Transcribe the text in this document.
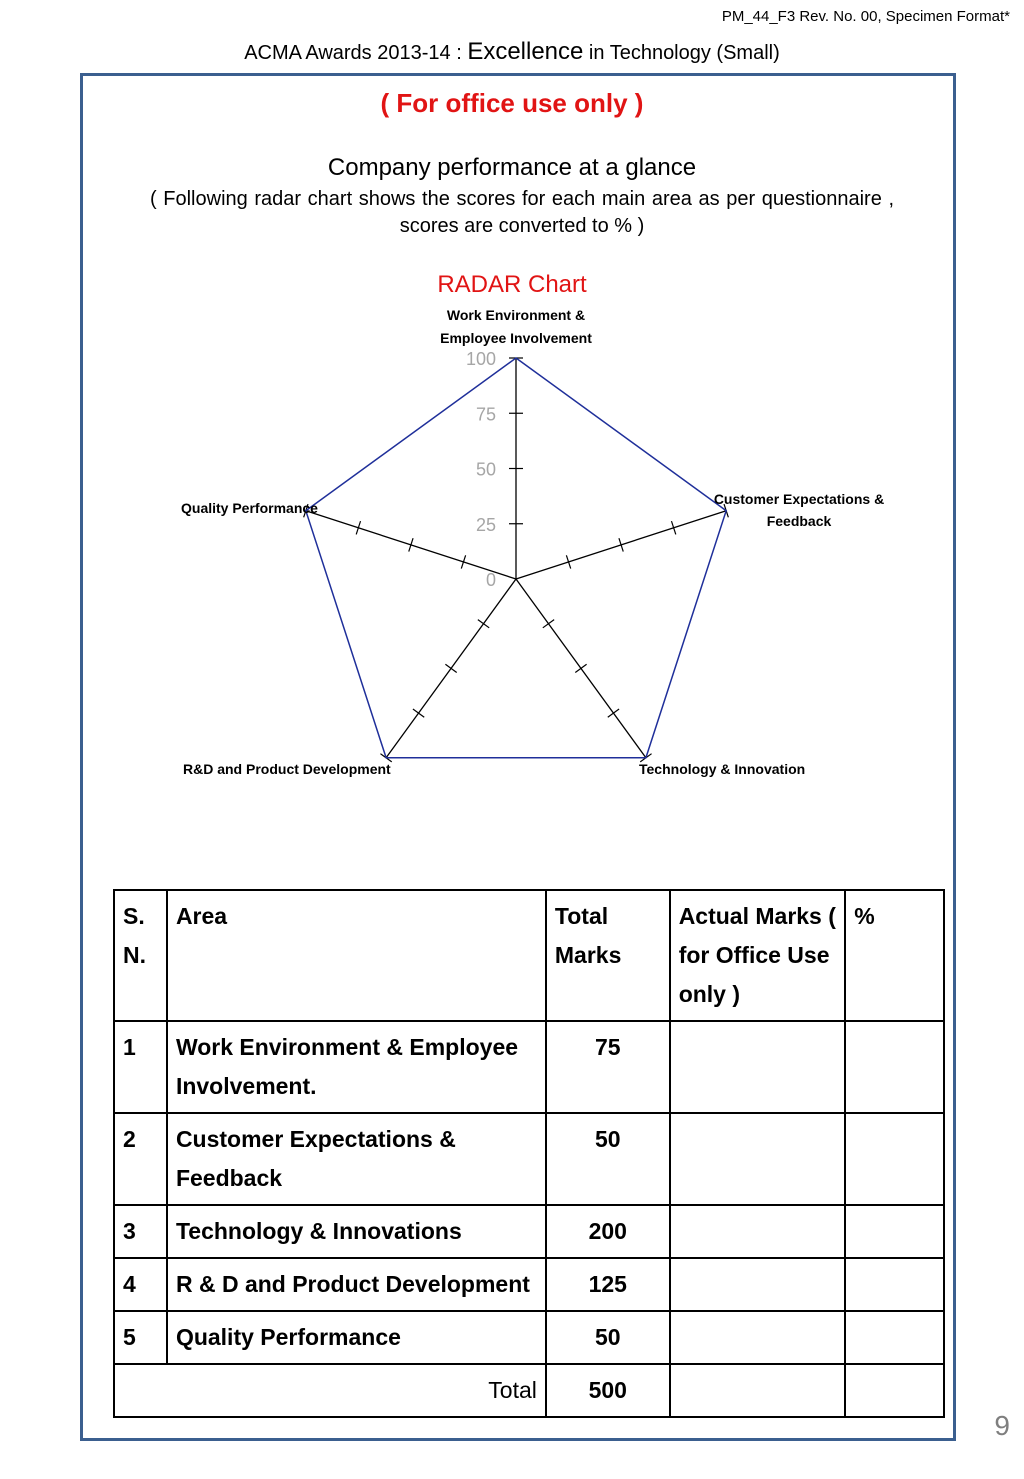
PM_44_F3 Rev. No. 00, Specimen Format*
ACMA Awards 2013-14 : Excellence in Technology (Small)
( For office use only )
Company performance at a glance
( Following radar chart shows the scores for each main area as per questionnaire , scores are converted to % )
RADAR Chart
0
25
50
75
100
Work Environment & Employee Involvement
Customer Expectations & Feedback
Technology & Innovation
R&D and Product Development
Quality Performance
S. N.	Area	Total Marks	Actual Marks ( for Office Use only )	%
1	Work Environment & Employee Involvement.	75		
2	Customer Expectations & Feedback	50		
3	Technology & Innovations	200		
4	R & D and Product Development	125		
5	Quality Performance	50		
Total		500		
9
